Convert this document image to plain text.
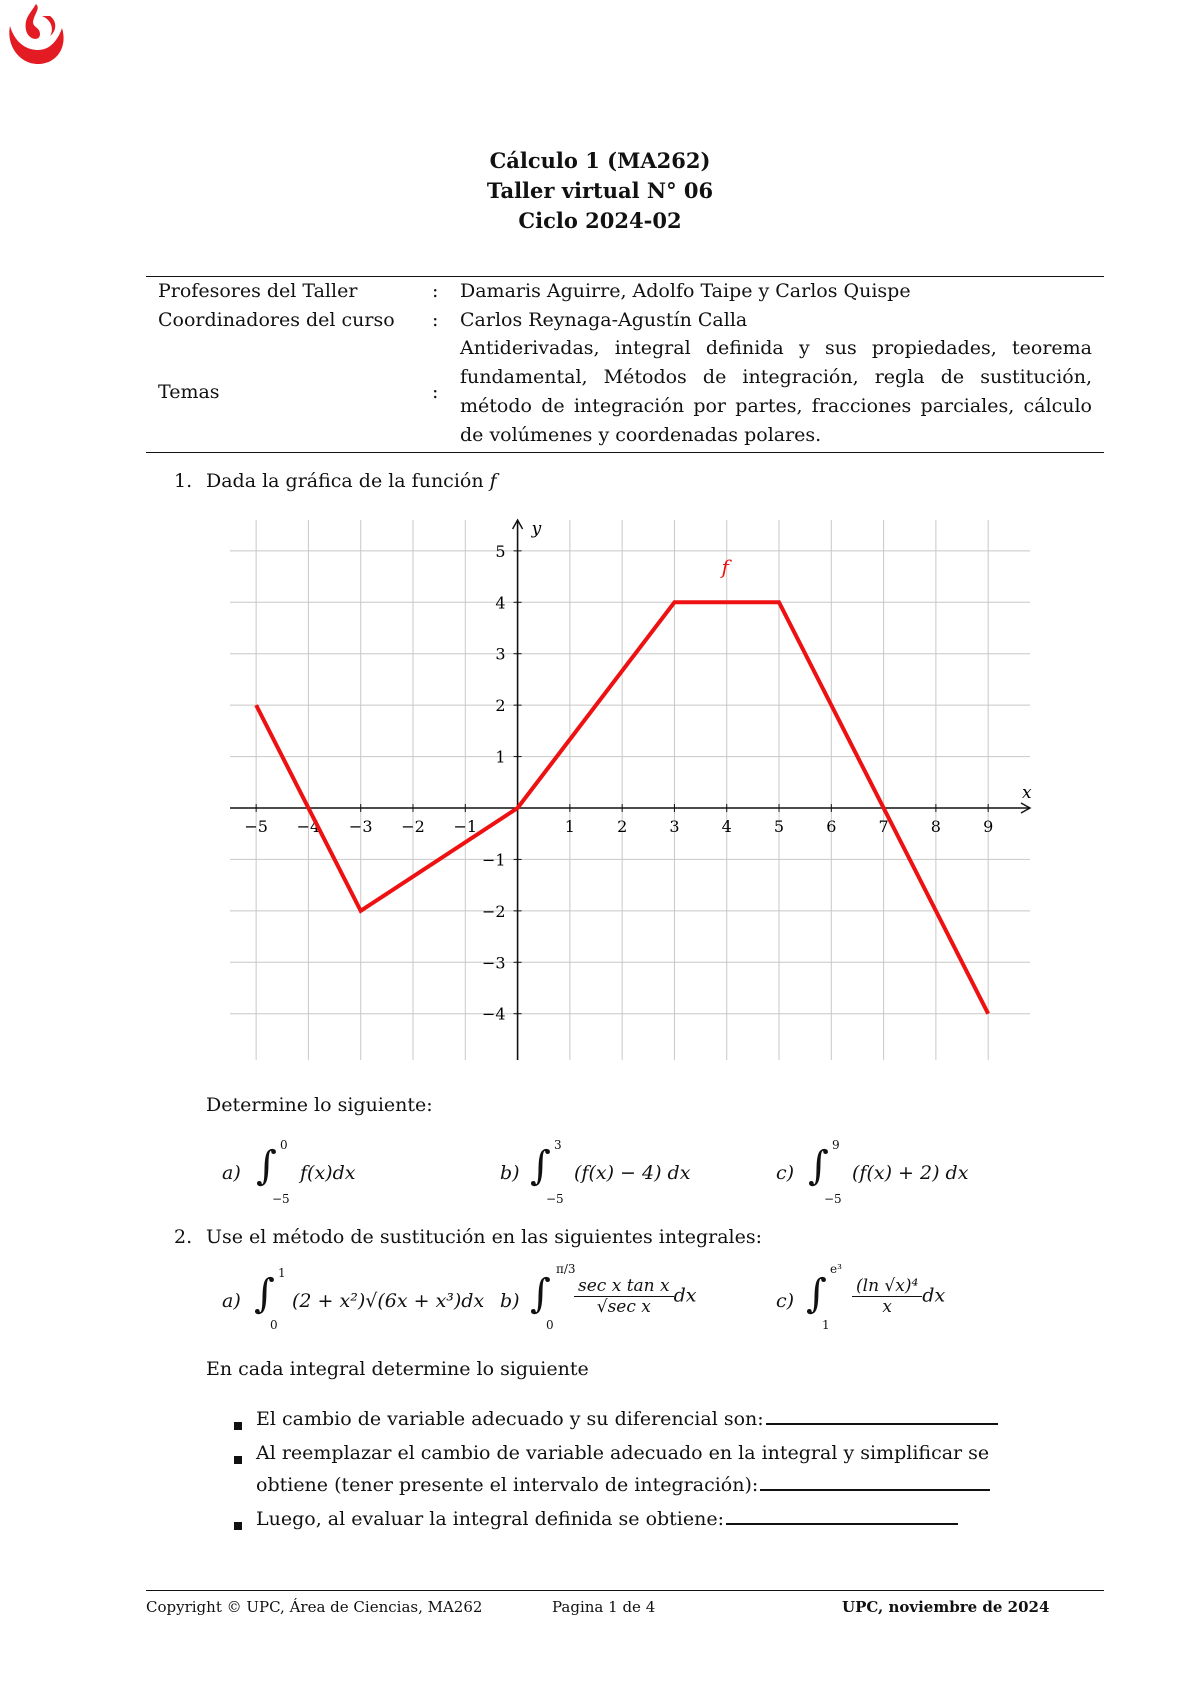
Cálculo 1 (MA262)
Taller virtual N° 06
Ciclo 2024-02
Profesores del Taller	: Damaris Aguirre, Adolfo Taipe y Carlos Quispe
Coordinadores del curso : Carlos Reynaga-Agustín Calla
Temas	:
Antiderivadas, integral definida y sus propiedades, teorema fundamental, Métodos de integración, regla de sustitución, método de integración por partes, fracciones parciales, cálculo de volúmenes y coordenadas polares.
1. Dada la gráfica de la función f
x
y
−5 −4 −3 −2 −1	1	2	3	4	5	6	7	8	9
5
4
3
2
1
−1
−2
−3
−4
f
Determine lo siguiente:
a) ∫ 0
−5
f(x)dx	b) ∫ 3
−5
(f(x) − 4) dx	c) ∫ 9
−5
(f(x) + 2) dx
2. Use el método de sustitución en las siguientes integrales:
a) ∫ 1
0
(2 + x²)√(6x + x³)dx b) ∫
π/3
0
$\frac{\text{sec x tan x}}{\text{√sec x}}$ dx	c) ∫
e³
1
$\frac{\text{(ln √x)⁴}}{x}$ dx
En cada integral determine lo siguiente
El cambio de variable adecuado y su diferencial son:
Al reemplazar el cambio de variable adecuado en la integral y simplificar se
obtiene (tener presente el intervalo de integración):
Luego, al evaluar la integral definida se obtiene:
Copyright © UPC, Área de Ciencias, MA262	Pagina 1 de 4	UPC, noviembre de 2024
